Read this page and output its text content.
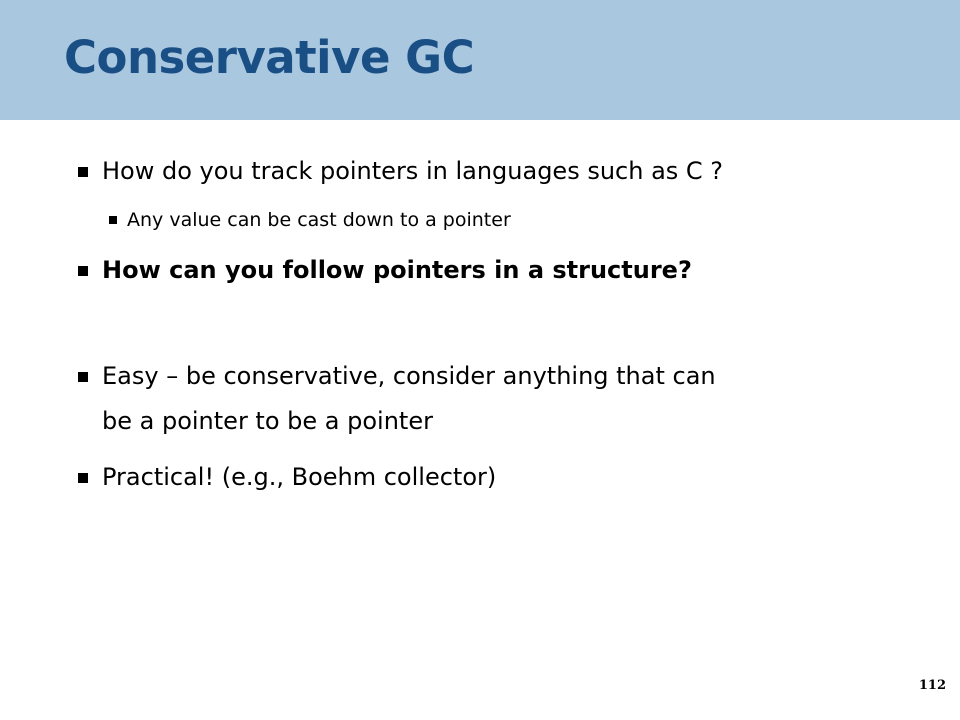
Conservative GC
How do you track pointers in languages such as C ?
Any value can be cast down to a pointer
How can you follow pointers in a structure?
Easy – be conservative, consider anything that can
be a pointer to be a pointer
Practical! (e.g., Boehm collector)
112
